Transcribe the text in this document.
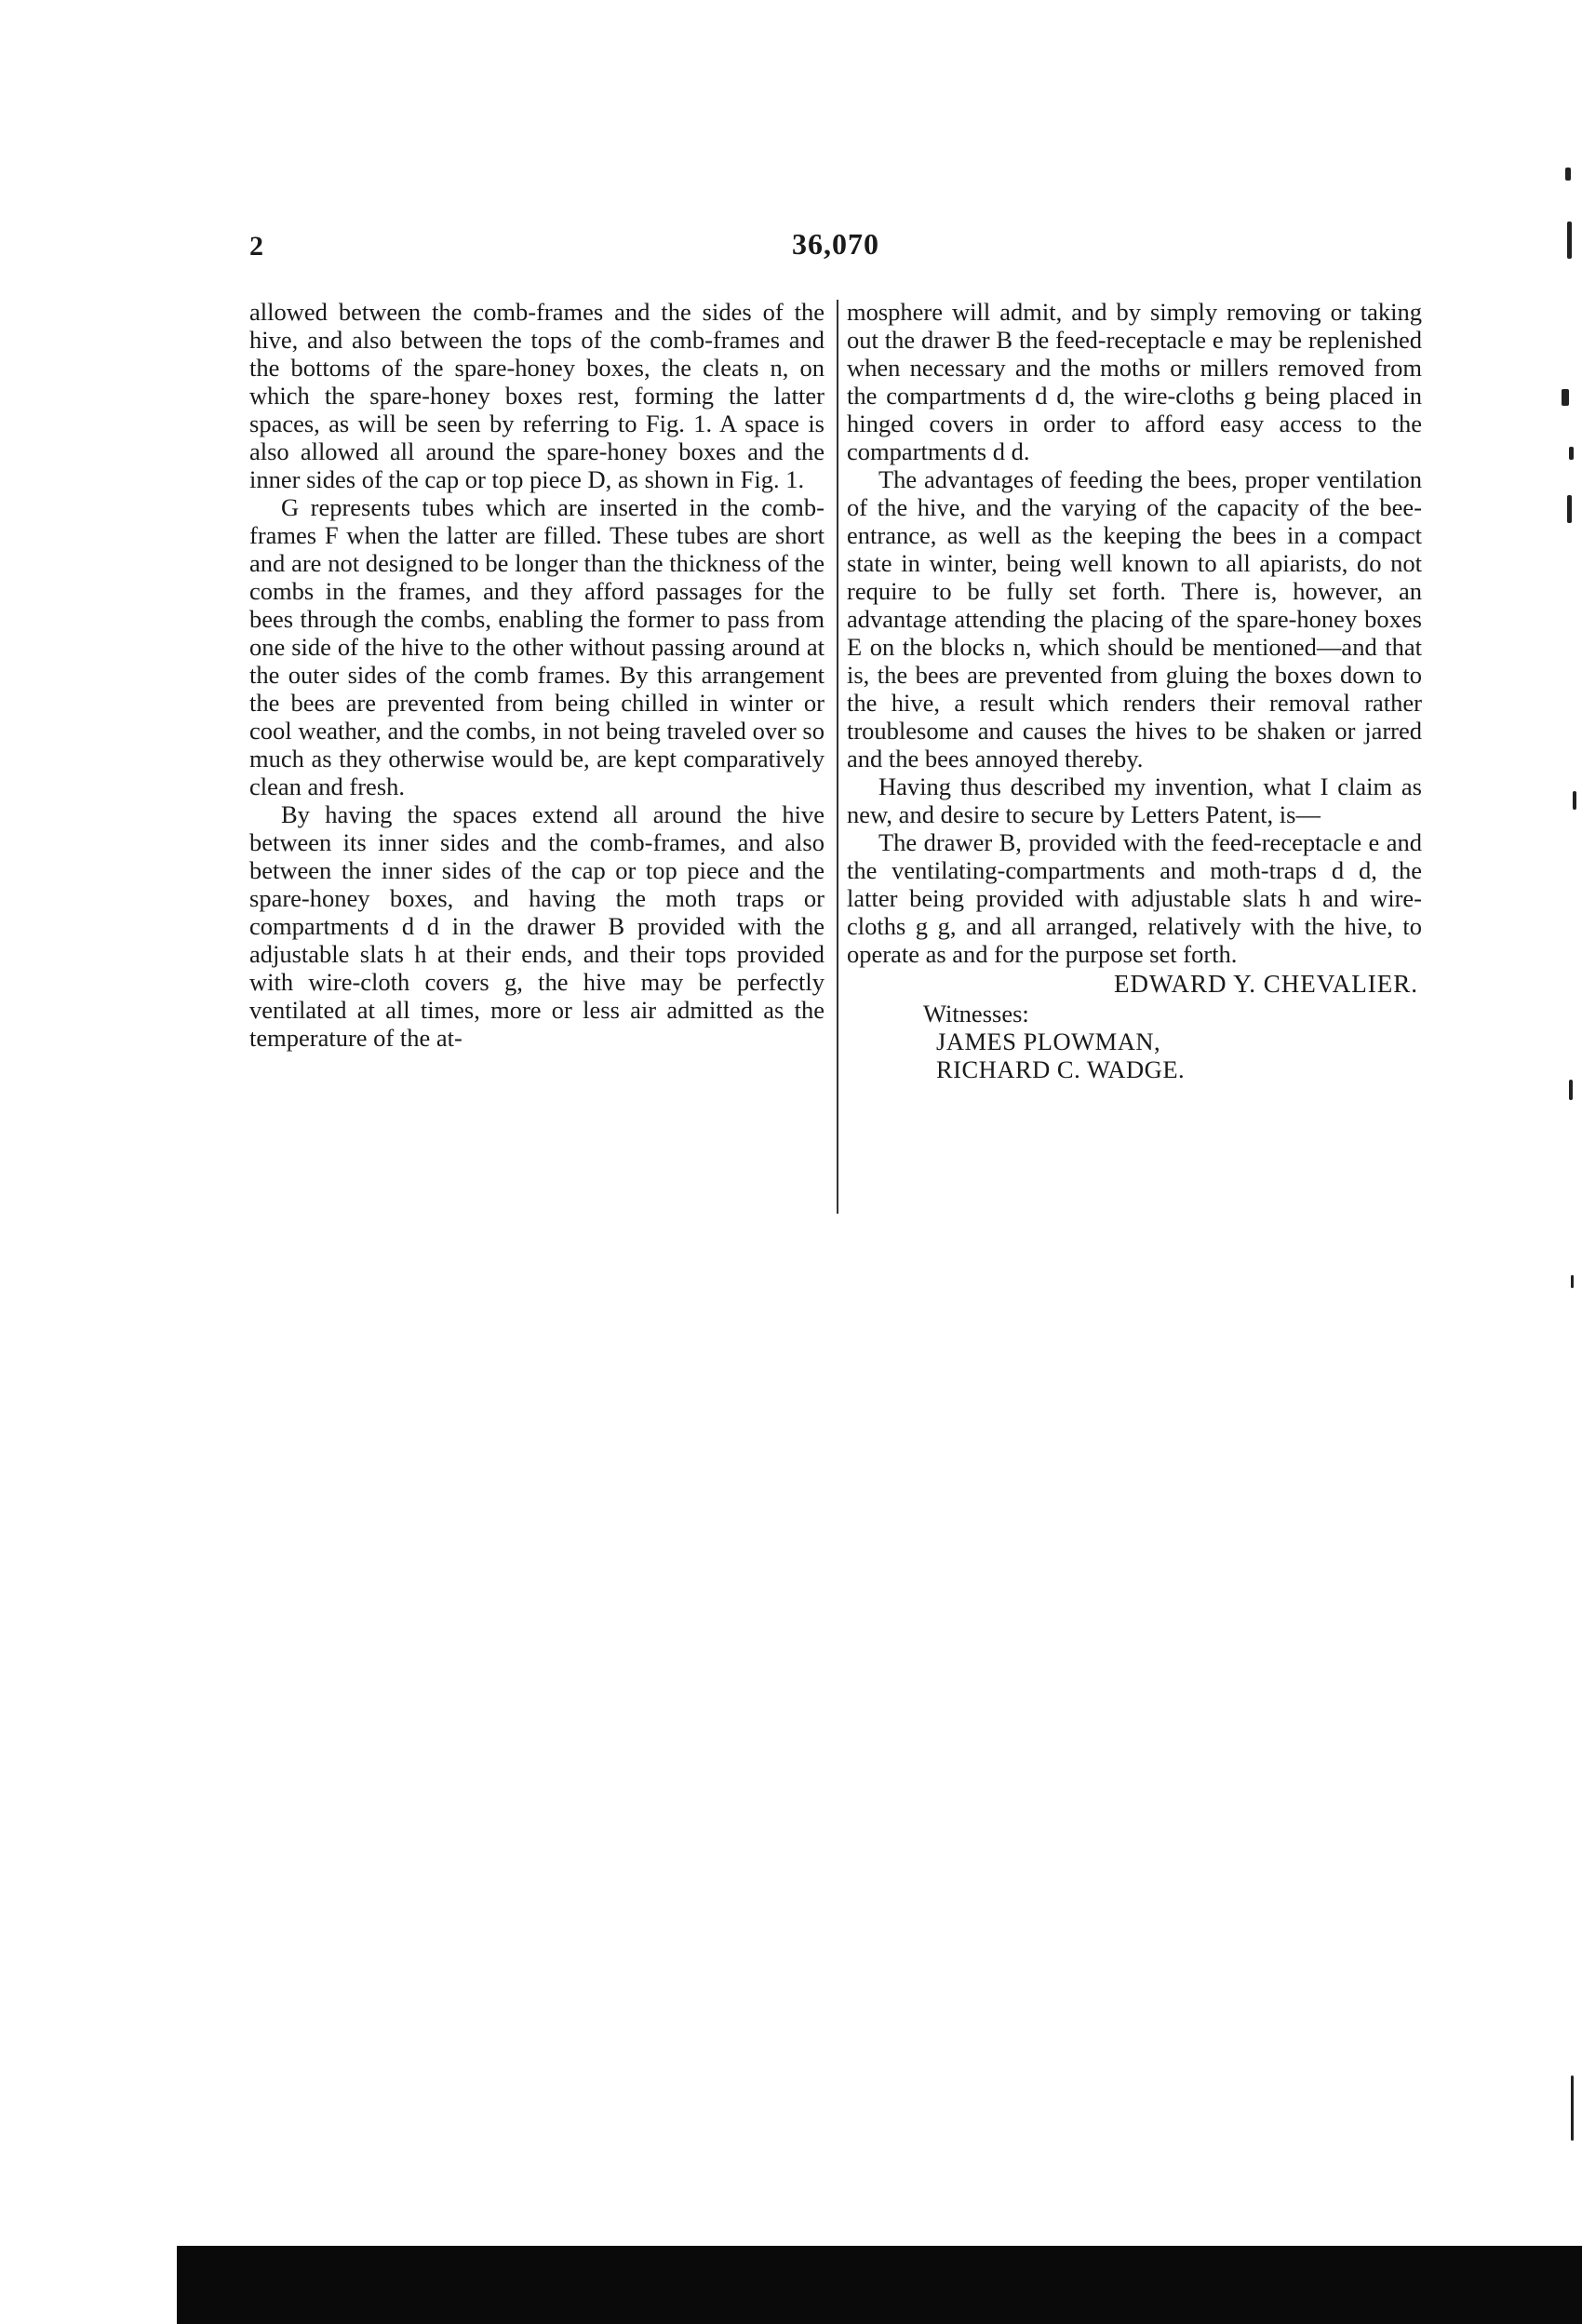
2	36,070

allowed between the comb-frames and the sides of the hive, and also between the tops of the comb-frames and the bottoms of the spare-honey boxes, the cleats n, on which the spare-honey boxes rest, forming the latter spaces, as will be seen by referring to Fig. 1. A space is also allowed all around the spare-honey boxes and the inner sides of the cap or top piece D, as shown in Fig. 1.

G represents tubes which are inserted in the comb-frames F when the latter are filled. These tubes are short and are not designed to be longer than the thickness of the combs in the frames, and they afford passages for the bees through the combs, enabling the former to pass from one side of the hive to the other without passing around at the outer sides of the comb frames. By this arrangement the bees are prevented from being chilled in winter or cool weather, and the combs, in not being traveled over so much as they otherwise would be, are kept comparatively clean and fresh.

By having the spaces extend all around the hive between its inner sides and the comb-frames, and also between the inner sides of the cap or top piece and the spare-honey boxes, and having the moth traps or compartments d d in the drawer B provided with the adjustable slats h at their ends, and their tops provided with wire-cloth covers g, the hive may be perfectly ventilated at all times, more or less air admitted as the temperature of the at-

mosphere will admit, and by simply removing or taking out the drawer B the feed-receptacle e may be replenished when necessary and the moths or millers removed from the compartments d d, the wire-cloths g being placed in hinged covers in order to afford easy access to the compartments d d.

The advantages of feeding the bees, proper ventilation of the hive, and the varying of the capacity of the bee-entrance, as well as the keeping the bees in a compact state in winter, being well known to all apiarists, do not require to be fully set forth. There is, however, an advantage attending the placing of the spare-honey boxes E on the blocks n, which should be mentioned—and that is, the bees are prevented from gluing the boxes down to the hive, a result which renders their removal rather troublesome and causes the hives to be shaken or jarred and the bees annoyed thereby.

Having thus described my invention, what I claim as new, and desire to secure by Letters Patent, is—

The drawer B, provided with the feed-receptacle e and the ventilating-compartments and moth-traps d d, the latter being provided with adjustable slats h and wire-cloths g g, and all arranged, relatively with the hive, to operate as and for the purpose set forth.

EDWARD Y. CHEVALIER.
Witnesses:
JAMES PLOWMAN,
RICHARD C. WADGE.
